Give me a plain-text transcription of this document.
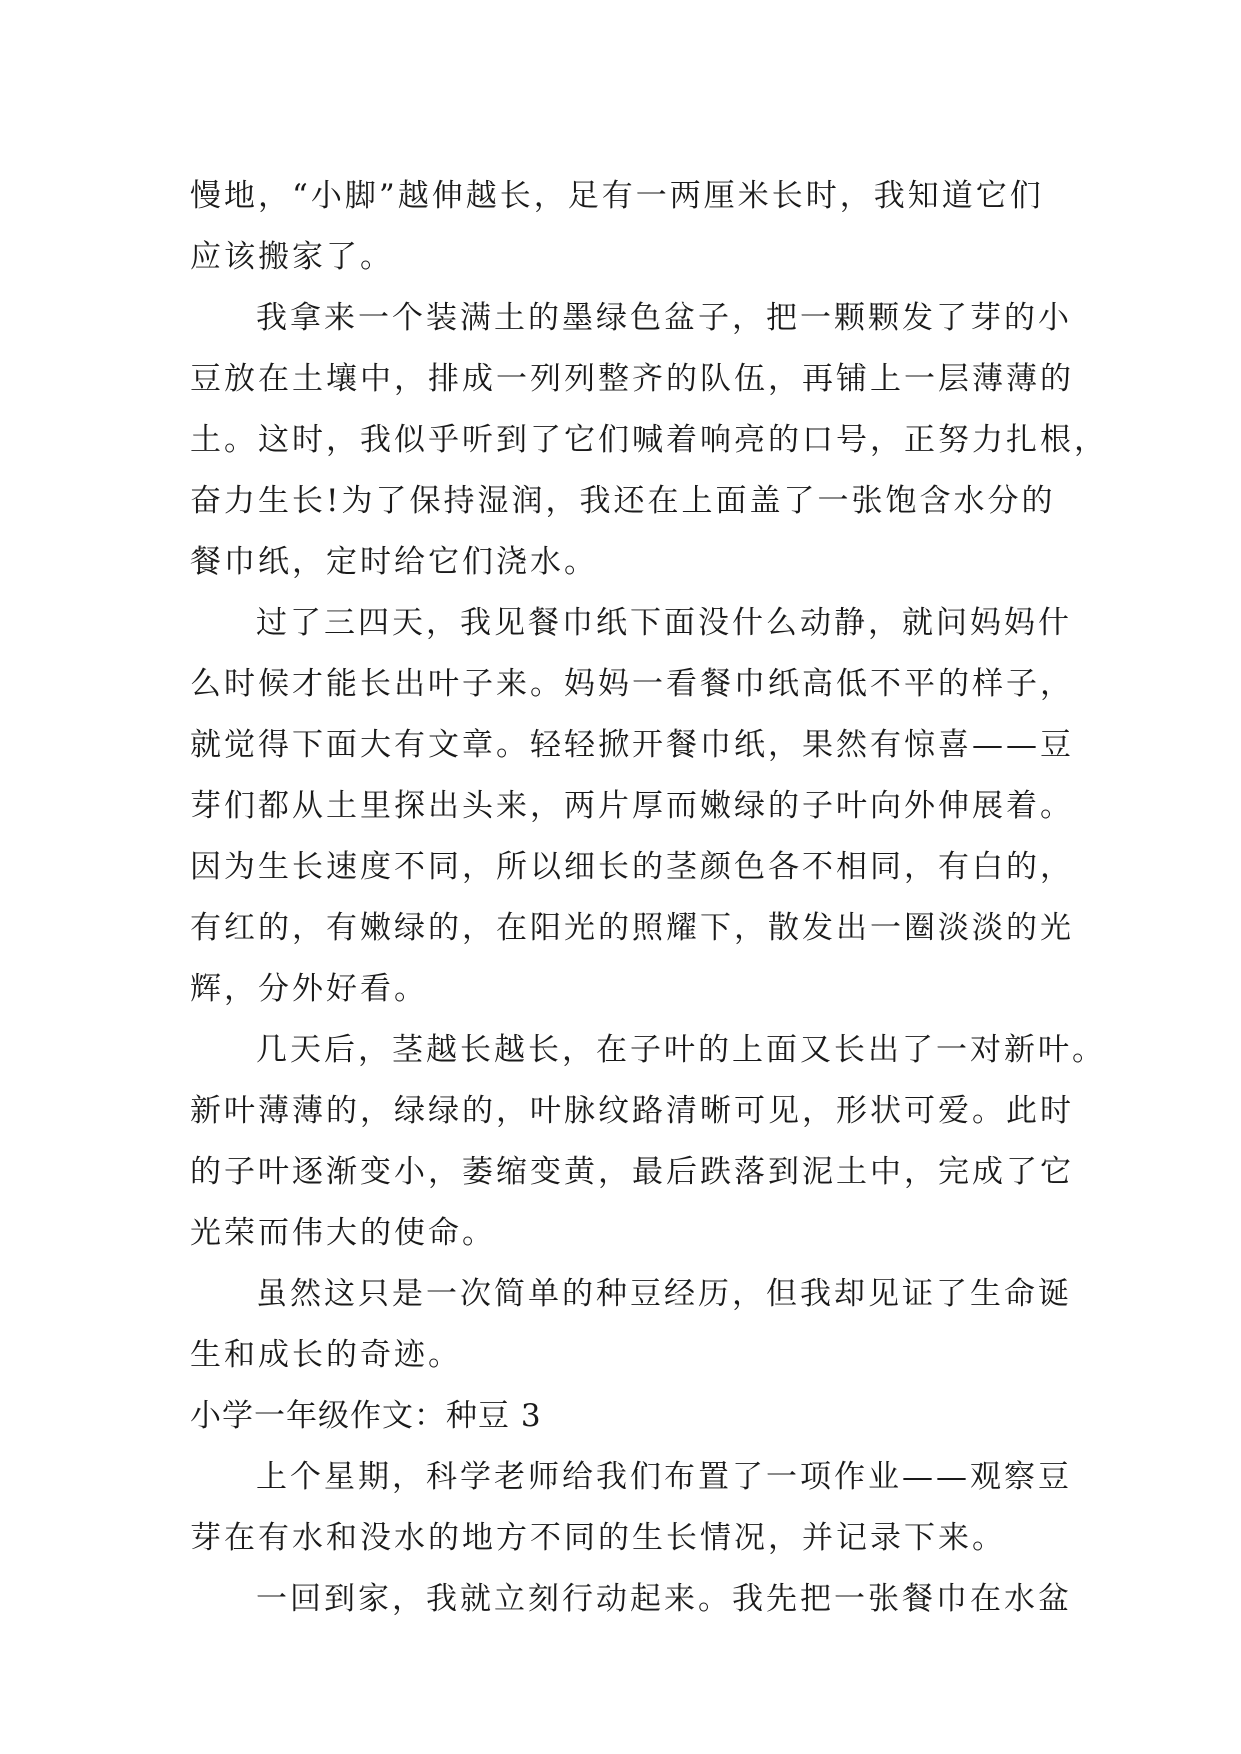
慢地，“小脚”越伸越长，足有一两厘米长时，我知道它们
应该搬家了。
我拿来一个装满土的墨绿色盆子，把一颗颗发了芽的小
豆放在土壤中，排成一列列整齐的队伍，再铺上一层薄薄的
土。这时，我似乎听到了它们喊着响亮的口号，正努力扎根，
奋力生长!为了保持湿润，我还在上面盖了一张饱含水分的
餐巾纸，定时给它们浇水。
过了三四天，我见餐巾纸下面没什么动静，就问妈妈什
么时候才能长出叶子来。妈妈一看餐巾纸高低不平的样子，
就觉得下面大有文章。轻轻掀开餐巾纸，果然有惊喜——豆
芽们都从土里探出头来，两片厚而嫩绿的子叶向外伸展着。
因为生长速度不同，所以细长的茎颜色各不相同，有白的，
有红的，有嫩绿的，在阳光的照耀下，散发出一圈淡淡的光
辉，分外好看。
几天后，茎越长越长，在子叶的上面又长出了一对新叶。
新叶薄薄的，绿绿的，叶脉纹路清晰可见，形状可爱。此时
的子叶逐渐变小，萎缩变黄，最后跌落到泥土中，完成了它
光荣而伟大的使命。
虽然这只是一次简单的种豆经历，但我却见证了生命诞
生和成长的奇迹。
小学一年级作文：种豆 3
上个星期，科学老师给我们布置了一项作业——观察豆
芽在有水和没水的地方不同的生长情况，并记录下来。
一回到家，我就立刻行动起来。我先把一张餐巾在水盆
